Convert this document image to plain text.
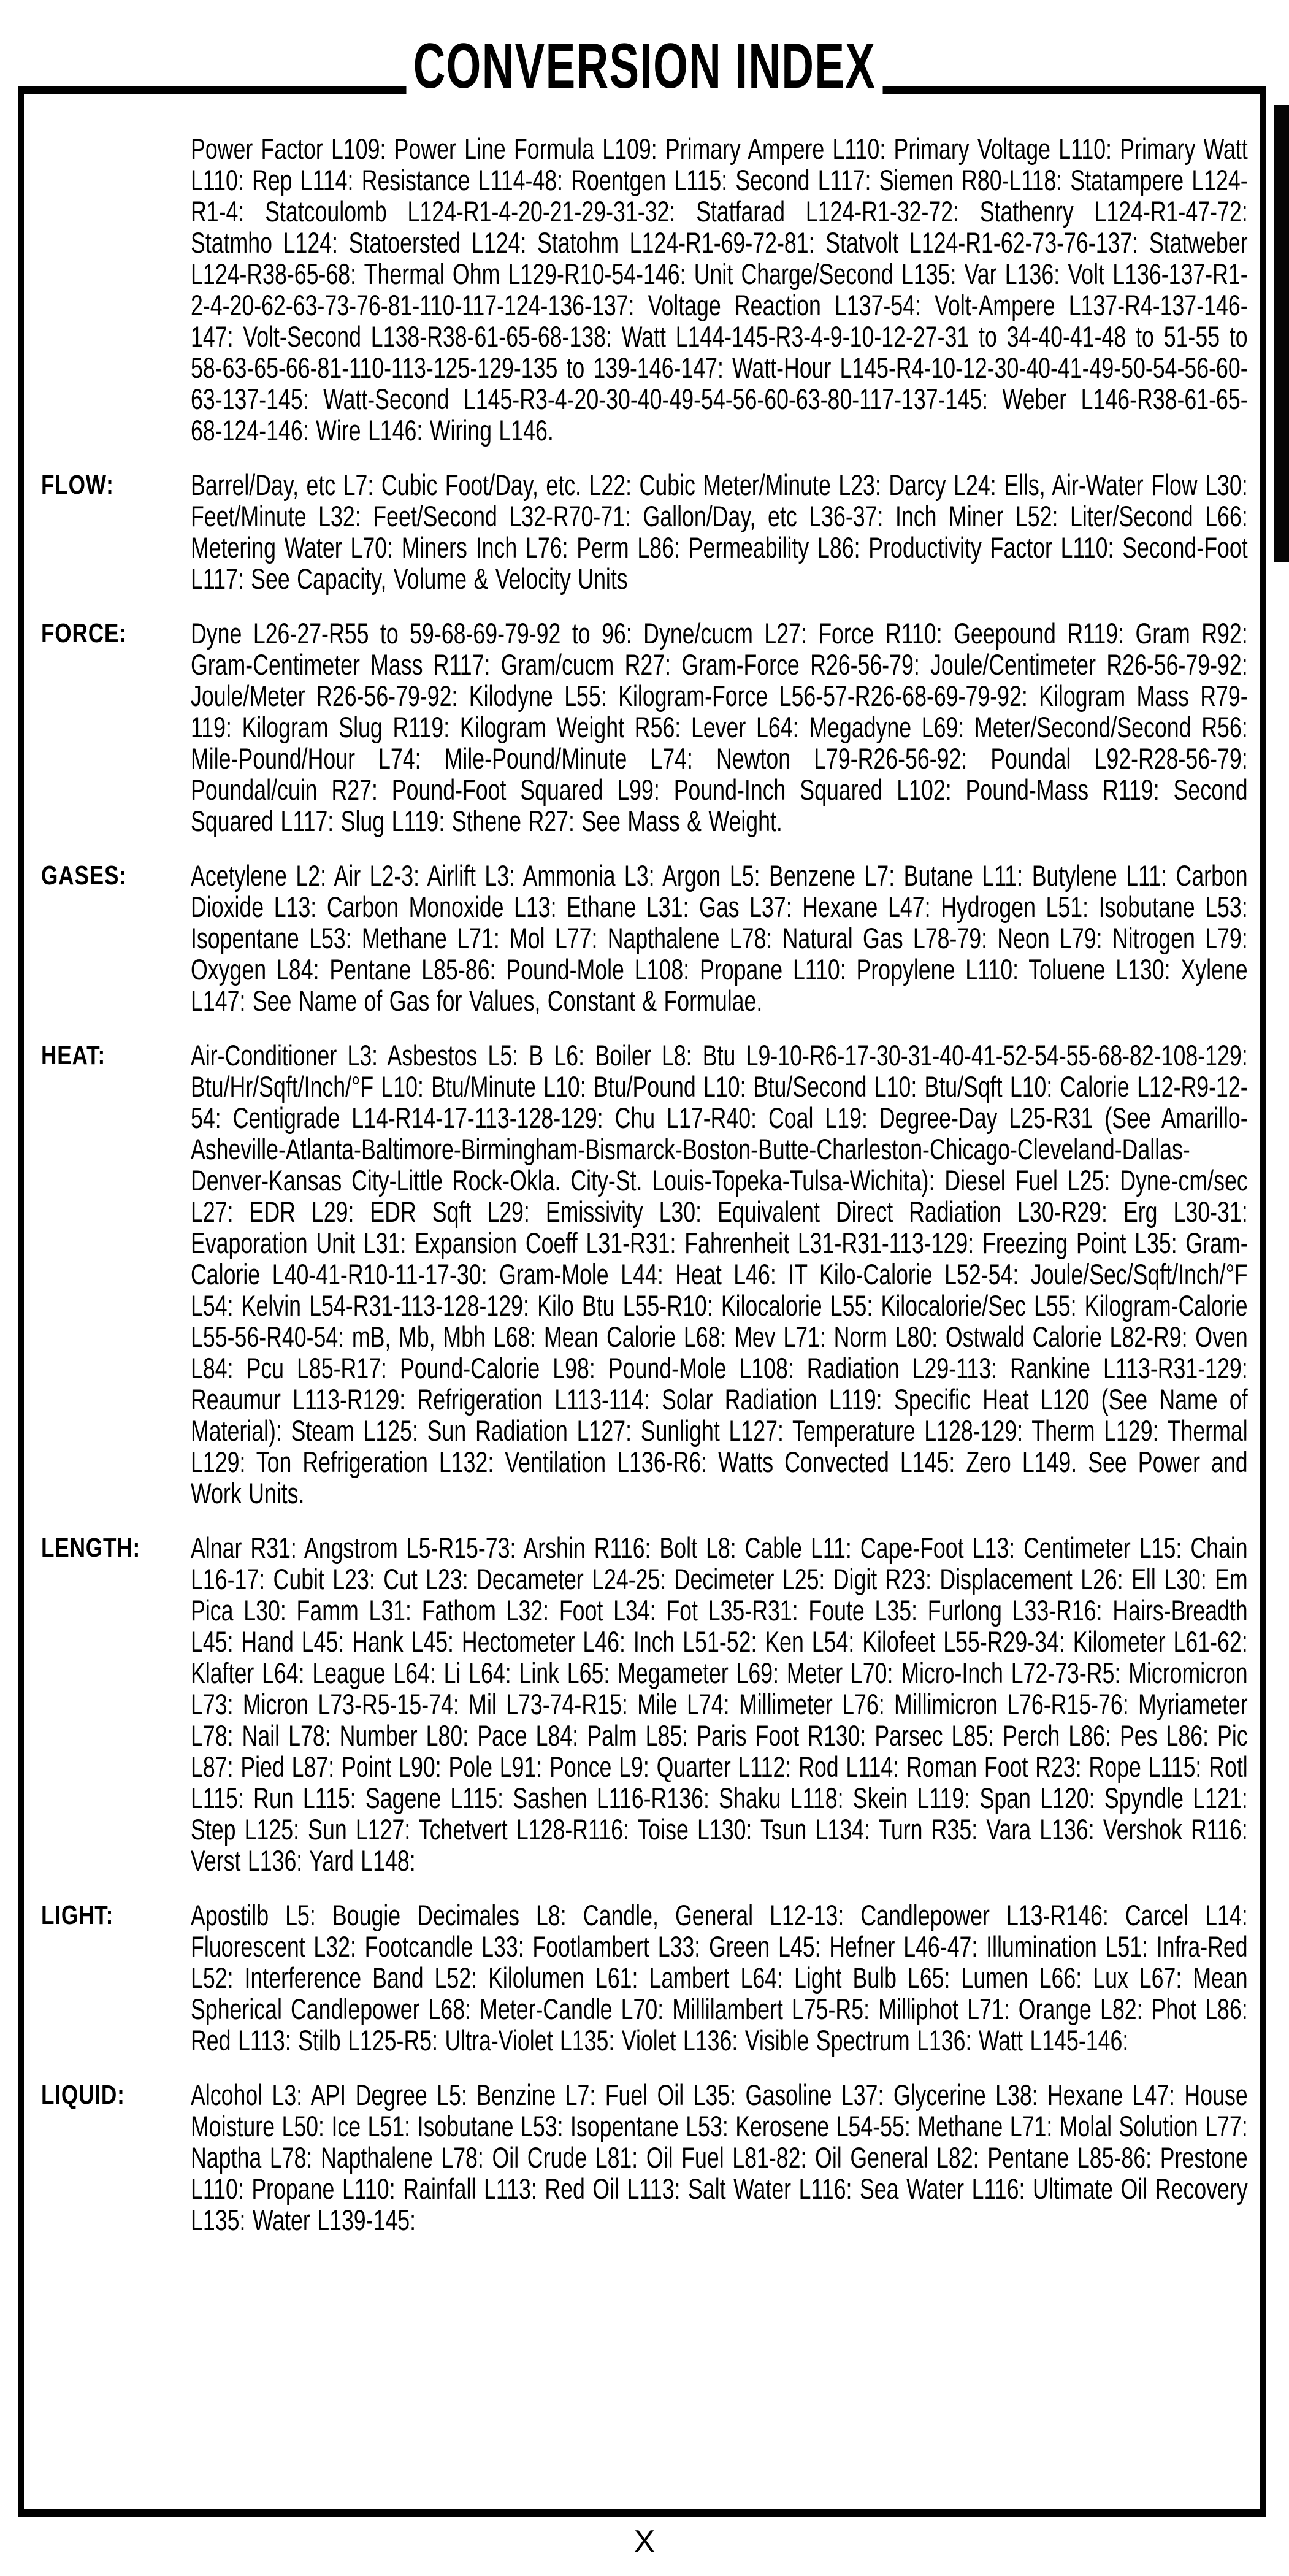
CONVERSION INDEX
Power Factor L109: Power Line Formula L109: Primary Ampere L110: Primary Voltage L110: Primary Watt L110: Rep L114: Resistance L114-48: Roentgen L115: Second L117: Siemen R80-L118: Statampere L124-R1-4: Statcoulomb L124-R1-4-20-21-29-31-32: Statfarad L124-R1-32-72: Stathenry L124-R1-47-72: Statmho L124: Statoersted L124: Statohm L124-R1-69-72-81: Statvolt L124-R1-62-73-76-137: Statweber L124-R38-65-68: Thermal Ohm L129-R10-54-146: Unit Charge/Second L135: Var L136: Volt L136-137-R1-2-4-20-62-63-73-76-81-110-117-124-136-137: Voltage Reaction L137-54: Volt-Ampere L137-R4-137-146-147: Volt-Second L138-R38-61-65-68-138: Watt L144-145-R3-4-9-10-12-27-31 to 34-40-41-48 to 51-55 to 58-63-65-66-81-110-113-125-129-135 to 139-146-147: Watt-Hour L145-R4-10-12-30-40-41-49-50-54-56-60-63-137-145: Watt-Second L145-R3-4-20-30-40-49-54-56-60-63-80-117-137-145: Weber L146-R38-61-65-68-124-146: Wire L146: Wiring L146.
FLOW:	Barrel/Day, etc L7: Cubic Foot/Day, etc. L22: Cubic Meter/Minute L23: Darcy L24: Ells, Air-Water Flow L30: Feet/Minute L32: Feet/Second L32-R70-71: Gallon/Day, etc L36-37: Inch Miner L52: Liter/Second L66: Metering Water L70: Miners Inch L76: Perm L86: Permeability L86: Productivity Factor L110: Second-Foot L117: See Capacity, Volume & Velocity Units
FORCE:	Dyne L26-27-R55 to 59-68-69-79-92 to 96: Dyne/cucm L27: Force R110: Geepound R119: Gram R92: Gram-Centimeter Mass R117: Gram/cucm R27: Gram-Force R26-56-79: Joule/Centimeter R26-56-79-92: Joule/Meter R26-56-79-92: Kilodyne L55: Kilogram-Force L56-57-R26-68-69-79-92: Kilogram Mass R79-119: Kilogram Slug R119: Kilogram Weight R56: Lever L64: Megadyne L69: Meter/Second/Second R56: Mile-Pound/Hour L74: Mile-Pound/Minute L74: Newton L79-R26-56-92: Poundal L92-R28-56-79: Poundal/cuin R27: Pound-Foot Squared L99: Pound-Inch Squared L102: Pound-Mass R119: Second Squared L117: Slug L119: Sthene R27: See Mass & Weight.
GASES:	Acetylene L2: Air L2-3: Airlift L3: Ammonia L3: Argon L5: Benzene L7: Butane L11: Butylene L11: Carbon Dioxide L13: Carbon Monoxide L13: Ethane L31: Gas L37: Hexane L47: Hydrogen L51: Isobutane L53: Isopentane L53: Methane L71: Mol L77: Napthalene L78: Natural Gas L78-79: Neon L79: Nitrogen L79: Oxygen L84: Pentane L85-86: Pound-Mole L108: Propane L110: Propylene L110: Toluene L130: Xylene L147: See Name of Gas for Values, Constant & Formulae.
HEAT:	Air-Conditioner L3: Asbestos L5: B L6: Boiler L8: Btu L9-10-R6-17-30-31-40-41-52-54-55-68-82-108-129: Btu/Hr/Sqft/Inch/°F L10: Btu/Minute L10: Btu/Pound L10: Btu/Second L10: Btu/Sqft L10: Calorie L12-R9-12-54: Centigrade L14-R14-17-113-128-129: Chu L17-R40: Coal L19: Degree-Day L25-R31 (See Amarillo-Asheville-Atlanta-Baltimore-Birmingham-Bismarck-Boston-Butte-Charleston-Chicago-Cleveland-Dallas-Denver-Kansas City-Little Rock-Okla. City-St. Louis-Topeka-Tulsa-Wichita): Diesel Fuel L25: Dyne-cm/sec L27: EDR L29: EDR Sqft L29: Emissivity L30: Equivalent Direct Radiation L30-R29: Erg L30-31: Evaporation Unit L31: Expansion Coeff L31-R31: Fahrenheit L31-R31-113-129: Freezing Point L35: Gram-Calorie L40-41-R10-11-17-30: Gram-Mole L44: Heat L46: IT Kilo-Calorie L52-54: Joule/Sec/Sqft/Inch/°F L54: Kelvin L54-R31-113-128-129: Kilo Btu L55-R10: Kilocalorie L55: Kilocalorie/Sec L55: Kilogram-Calorie L55-56-R40-54: mB, Mb, Mbh L68: Mean Calorie L68: Mev L71: Norm L80: Ostwald Calorie L82-R9: Oven L84: Pcu L85-R17: Pound-Calorie L98: Pound-Mole L108: Radiation L29-113: Rankine L113-R31-129: Reaumur L113-R129: Refrigeration L113-114: Solar Radiation L119: Specific Heat L120 (See Name of Material): Steam L125: Sun Radiation L127: Sunlight L127: Temperature L128-129: Therm L129: Thermal L129: Ton Refrigeration L132: Ventilation L136-R6: Watts Convected L145: Zero L149. See Power and Work Units.
LENGTH:	Alnar R31: Angstrom L5-R15-73: Arshin R116: Bolt L8: Cable L11: Cape-Foot L13: Centimeter L15: Chain L16-17: Cubit L23: Cut L23: Decameter L24-25: Decimeter L25: Digit R23: Displacement L26: Ell L30: Em Pica L30: Famm L31: Fathom L32: Foot L34: Fot L35-R31: Foute L35: Furlong L33-R16: Hairs-Breadth L45: Hand L45: Hank L45: Hectometer L46: Inch L51-52: Ken L54: Kilofeet L55-R29-34: Kilometer L61-62: Klafter L64: League L64: Li L64: Link L65: Megameter L69: Meter L70: Micro-Inch L72-73-R5: Micromicron L73: Micron L73-R5-15-74: Mil L73-74-R15: Mile L74: Millimeter L76: Millimicron L76-R15-76: Myriameter L78: Nail L78: Number L80: Pace L84: Palm L85: Paris Foot R130: Parsec L85: Perch L86: Pes L86: Pic L87: Pied L87: Point L90: Pole L91: Ponce L9: Quarter L112: Rod L114: Roman Foot R23: Rope L115: Rotl L115: Run L115: Sagene L115: Sashen L116-R136: Shaku L118: Skein L119: Span L120: Spyndle L121: Step L125: Sun L127: Tchetvert L128-R116: Toise L130: Tsun L134: Turn R35: Vara L136: Vershok R116: Verst L136: Yard L148:
LIGHT:	Apostilb L5: Bougie Decimales L8: Candle, General L12-13: Candlepower L13-R146: Carcel L14: Fluorescent L32: Footcandle L33: Footlambert L33: Green L45: Hefner L46-47: Illumination L51: Infra-Red L52: Interference Band L52: Kilolumen L61: Lambert L64: Light Bulb L65: Lumen L66: Lux L67: Mean Spherical Candlepower L68: Meter-Candle L70: Millilambert L75-R5: Milliphot L71: Orange L82: Phot L86: Red L113: Stilb L125-R5: Ultra-Violet L135: Violet L136: Visible Spectrum L136: Watt L145-146:
LIQUID:	Alcohol L3: API Degree L5: Benzine L7: Fuel Oil L35: Gasoline L37: Glycerine L38: Hexane L47: House Moisture L50: Ice L51: Isobutane L53: Isopentane L53: Kerosene L54-55: Methane L71: Molal Solution L77: Naptha L78: Napthalene L78: Oil Crude L81: Oil Fuel L81-82: Oil General L82: Pentane L85-86: Prestone L110: Propane L110: Rainfall L113: Red Oil L113: Salt Water L116: Sea Water L116: Ultimate Oil Recovery L135: Water L139-145:
X
